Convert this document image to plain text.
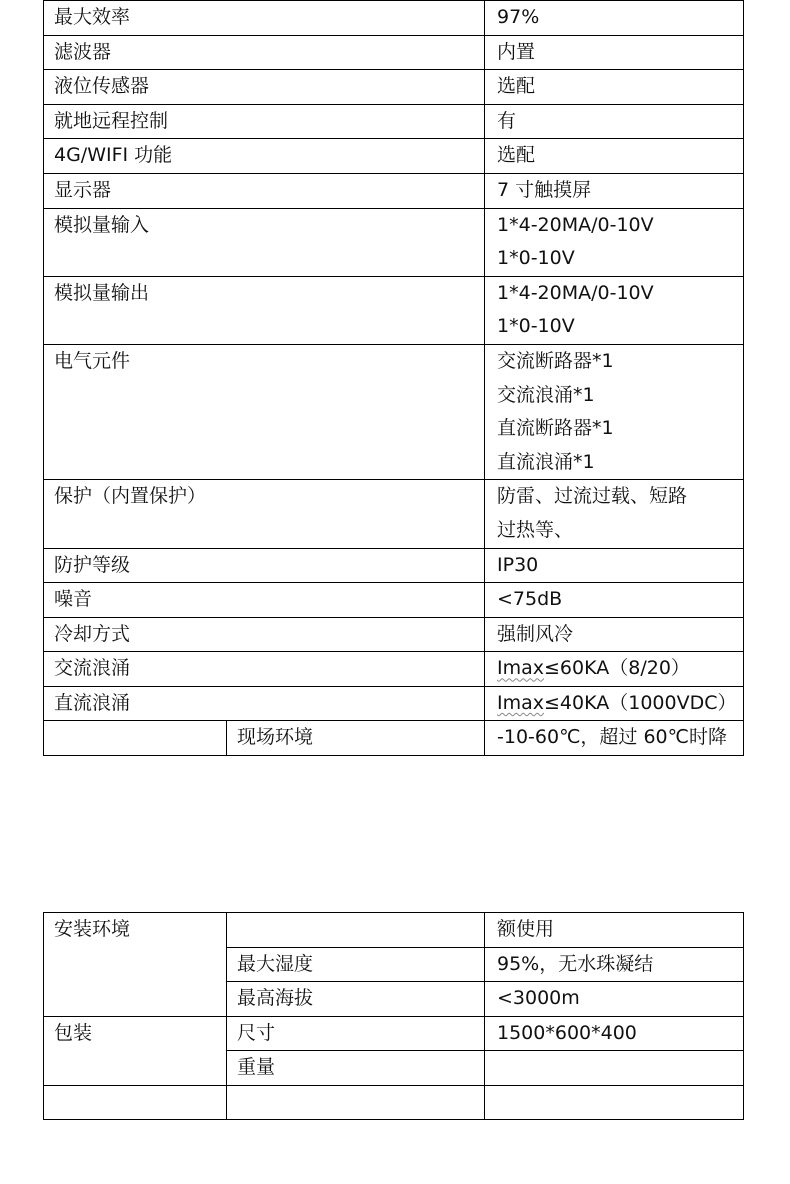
最大效率		97%
滤波器		内置
液位传感器		选配
就地远程控制		有
4G/WIFI 功能		选配
显示器		7 寸触摸屏
模拟量输入		1*4-20MA/0-10V
1*0-10V

模拟量输出		1*4-20MA/0-10V
1*0-10V

电气元件		交流断路器*1
交流浪涌*1
直流断路器*1
直流浪涌*1

保护（内置保护）		防雷、过流过载、短路
过热等、

防护等级		IP30
噪音		<75dB
冷却方式		强制风冷
交流浪涌		Imax≤60KA（8/20）
直流浪涌		Imax≤40KA（1000VDC）
	现场环境	-10-60℃，超过 60℃时降
安装环境		额使用
	最大湿度	95%，无水珠凝结
	最高海拔	<3000m
包装	尺寸	1500*600*400
	重量	
